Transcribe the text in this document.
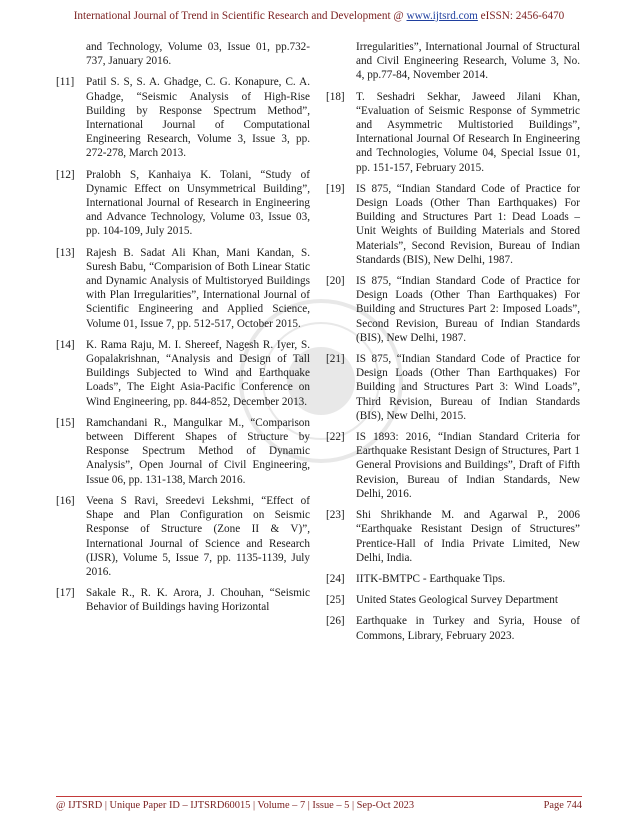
International Journal of Trend in Scientific Research and Development @ www.ijtsrd.com eISSN: 2456-6470
and Technology, Volume 03, Issue 01, pp.732-737, January 2016.
[11]	Patil S. S, S. A. Ghadge, C. G. Konapure, C. A. Ghadge, “Seismic Analysis of High-Rise Building by Response Spectrum Method”, International Journal of Computational Engineering Research, Volume 3, Issue 3, pp. 272-278, March 2013.
[12]	Pralobh S, Kanhaiya K. Tolani, “Study of Dynamic Effect on Unsymmetrical Building”, International Journal of Research in Engineering and Advance Technology, Volume 03, Issue 03, pp. 104-109, July 2015.
[13]	Rajesh B. Sadat Ali Khan, Mani Kandan, S. Suresh Babu, “Comparision of Both Linear Static and Dynamic Analysis of Multistoryed Buildings with Plan Irregularities”, International Journal of Scientific Engineering and Applied Science, Volume 01, Issue 7, pp. 512-517, October 2015.
[14]	K. Rama Raju, M. I. Shereef, Nagesh R. Iyer, S. Gopalakrishnan, “Analysis and Design of Tall Buildings Subjected to Wind and Earthquake Loads”, The Eight Asia-Pacific Conference on Wind Engineering, pp. 844-852, December 2013.
[15]	Ramchandani R., Mangulkar M., “Comparison between Different Shapes of Structure by Response Spectrum Method of Dynamic Analysis”, Open Journal of Civil Engineering, Issue 06, pp. 131-138, March 2016.
[16]	Veena S Ravi, Sreedevi Lekshmi, “Effect of Shape and Plan Configuration on Seismic Response of Structure (Zone II & V)”, International Journal of Science and Research (IJSR), Volume 5, Issue 7, pp. 1135-1139, July 2016.
[17]	Sakale R., R. K. Arora, J. Chouhan, “Seismic Behavior of Buildings having Horizontal
Irregularities”, International Journal of Structural and Civil Engineering Research, Volume 3, No. 4, pp.77-84, November 2014.
[18]	T. Seshadri Sekhar, Jaweed Jilani Khan, “Evaluation of Seismic Response of Symmetric and Asymmetric Multistoried Buildings”, International Journal Of Research In Engineering and Technologies, Volume 04, Special Issue 01, pp. 151-157, February 2015.
[19]	IS 875, “Indian Standard Code of Practice for Design Loads (Other Than Earthquakes) For Building and Structures Part 1: Dead Loads – Unit Weights of Building Materials and Stored Materials”, Second Revision, Bureau of Indian Standards (BIS), New Delhi, 1987.
[20]	IS 875, “Indian Standard Code of Practice for Design Loads (Other Than Earthquakes) For Building and Structures Part 2: Imposed Loads”, Second Revision, Bureau of Indian Standards (BIS), New Delhi, 1987.
[21]	IS 875, “Indian Standard Code of Practice for Design Loads (Other Than Earthquakes) For Building and Structures Part 3: Wind Loads”, Third Revision, Bureau of Indian Standards (BIS), New Delhi, 2015.
[22]	IS 1893: 2016, “Indian Standard Criteria for Earthquake Resistant Design of Structures, Part 1 General Provisions and Buildings”, Draft of Fifth Revision, Bureau of Indian Standards, New Delhi, 2016.
[23]	Shi Shrikhande M. and Agarwal P., 2006 “Earthquake Resistant Design of Structures” Prentice-Hall of India Private Limited, New Delhi, India.
[24]	IITK-BMTPC - Earthquake Tips.
[25]	United States Geological Survey Department
[26]	Earthquake in Turkey and Syria, House of Commons, Library, February 2023.
@ IJTSRD | Unique Paper ID – IJTSRD60015 | Volume – 7 | Issue – 5 | Sep-Oct 2023	Page 744
